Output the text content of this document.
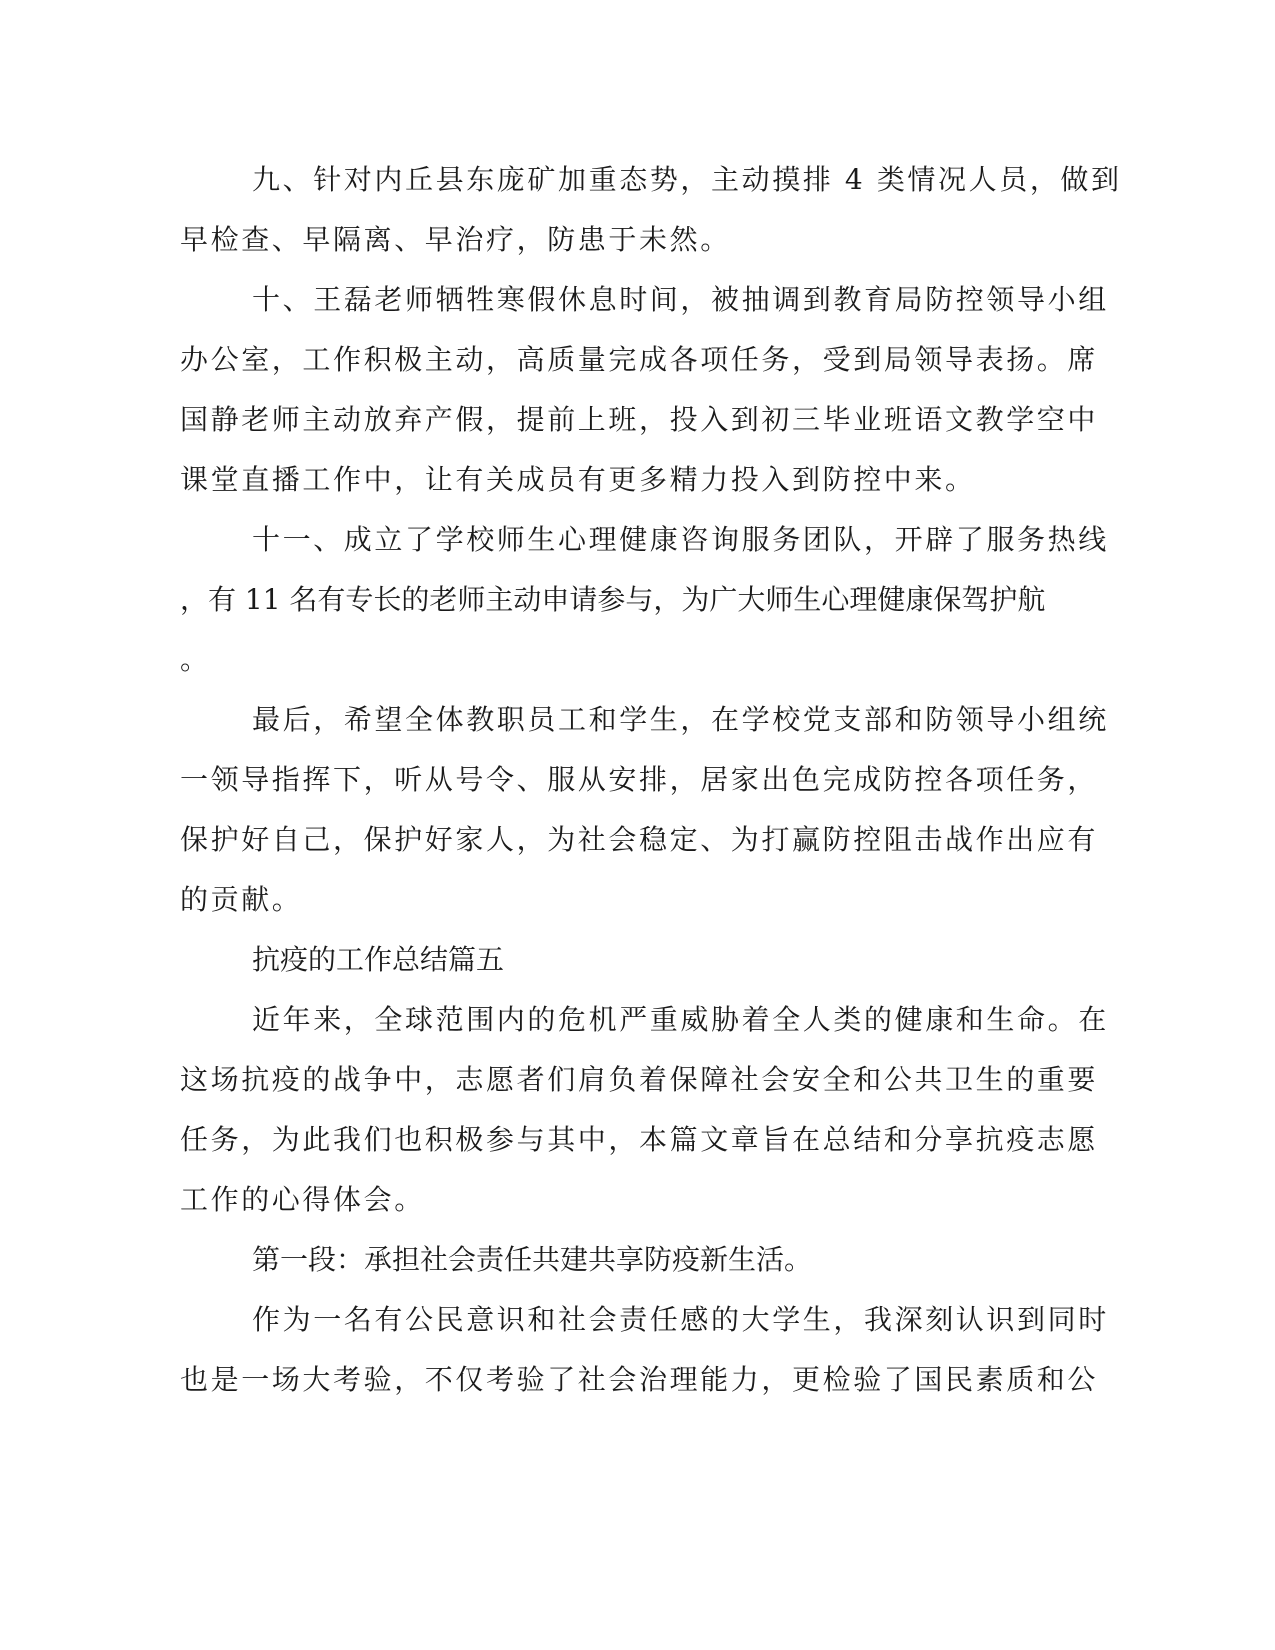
九、针对内丘县东庞矿加重态势，主动摸排 4 类情况人员，做到
早检查、早隔离、早治疗，防患于未然。
十、王磊老师牺牲寒假休息时间，被抽调到教育局防控领导小组
办公室，工作积极主动，高质量完成各项任务，受到局领导表扬。席
国静老师主动放弃产假，提前上班，投入到初三毕业班语文教学空中
课堂直播工作中，让有关成员有更多精力投入到防控中来。
十一、成立了学校师生心理健康咨询服务团队，开辟了服务热线
，有 11 名有专长的老师主动申请参与，为广大师生心理健康保驾护航
。
最后，希望全体教职员工和学生，在学校党支部和防领导小组统
一领导指挥下，听从号令、服从安排，居家出色完成防控各项任务，
保护好自己，保护好家人，为社会稳定、为打赢防控阻击战作出应有
的贡献。
抗疫的工作总结篇五
近年来，全球范围内的危机严重威胁着全人类的健康和生命。在
这场抗疫的战争中，志愿者们肩负着保障社会安全和公共卫生的重要
任务，为此我们也积极参与其中，本篇文章旨在总结和分享抗疫志愿
工作的心得体会。
第一段：承担社会责任共建共享防疫新生活。
作为一名有公民意识和社会责任感的大学生，我深刻认识到同时
也是一场大考验，不仅考验了社会治理能力，更检验了国民素质和公
